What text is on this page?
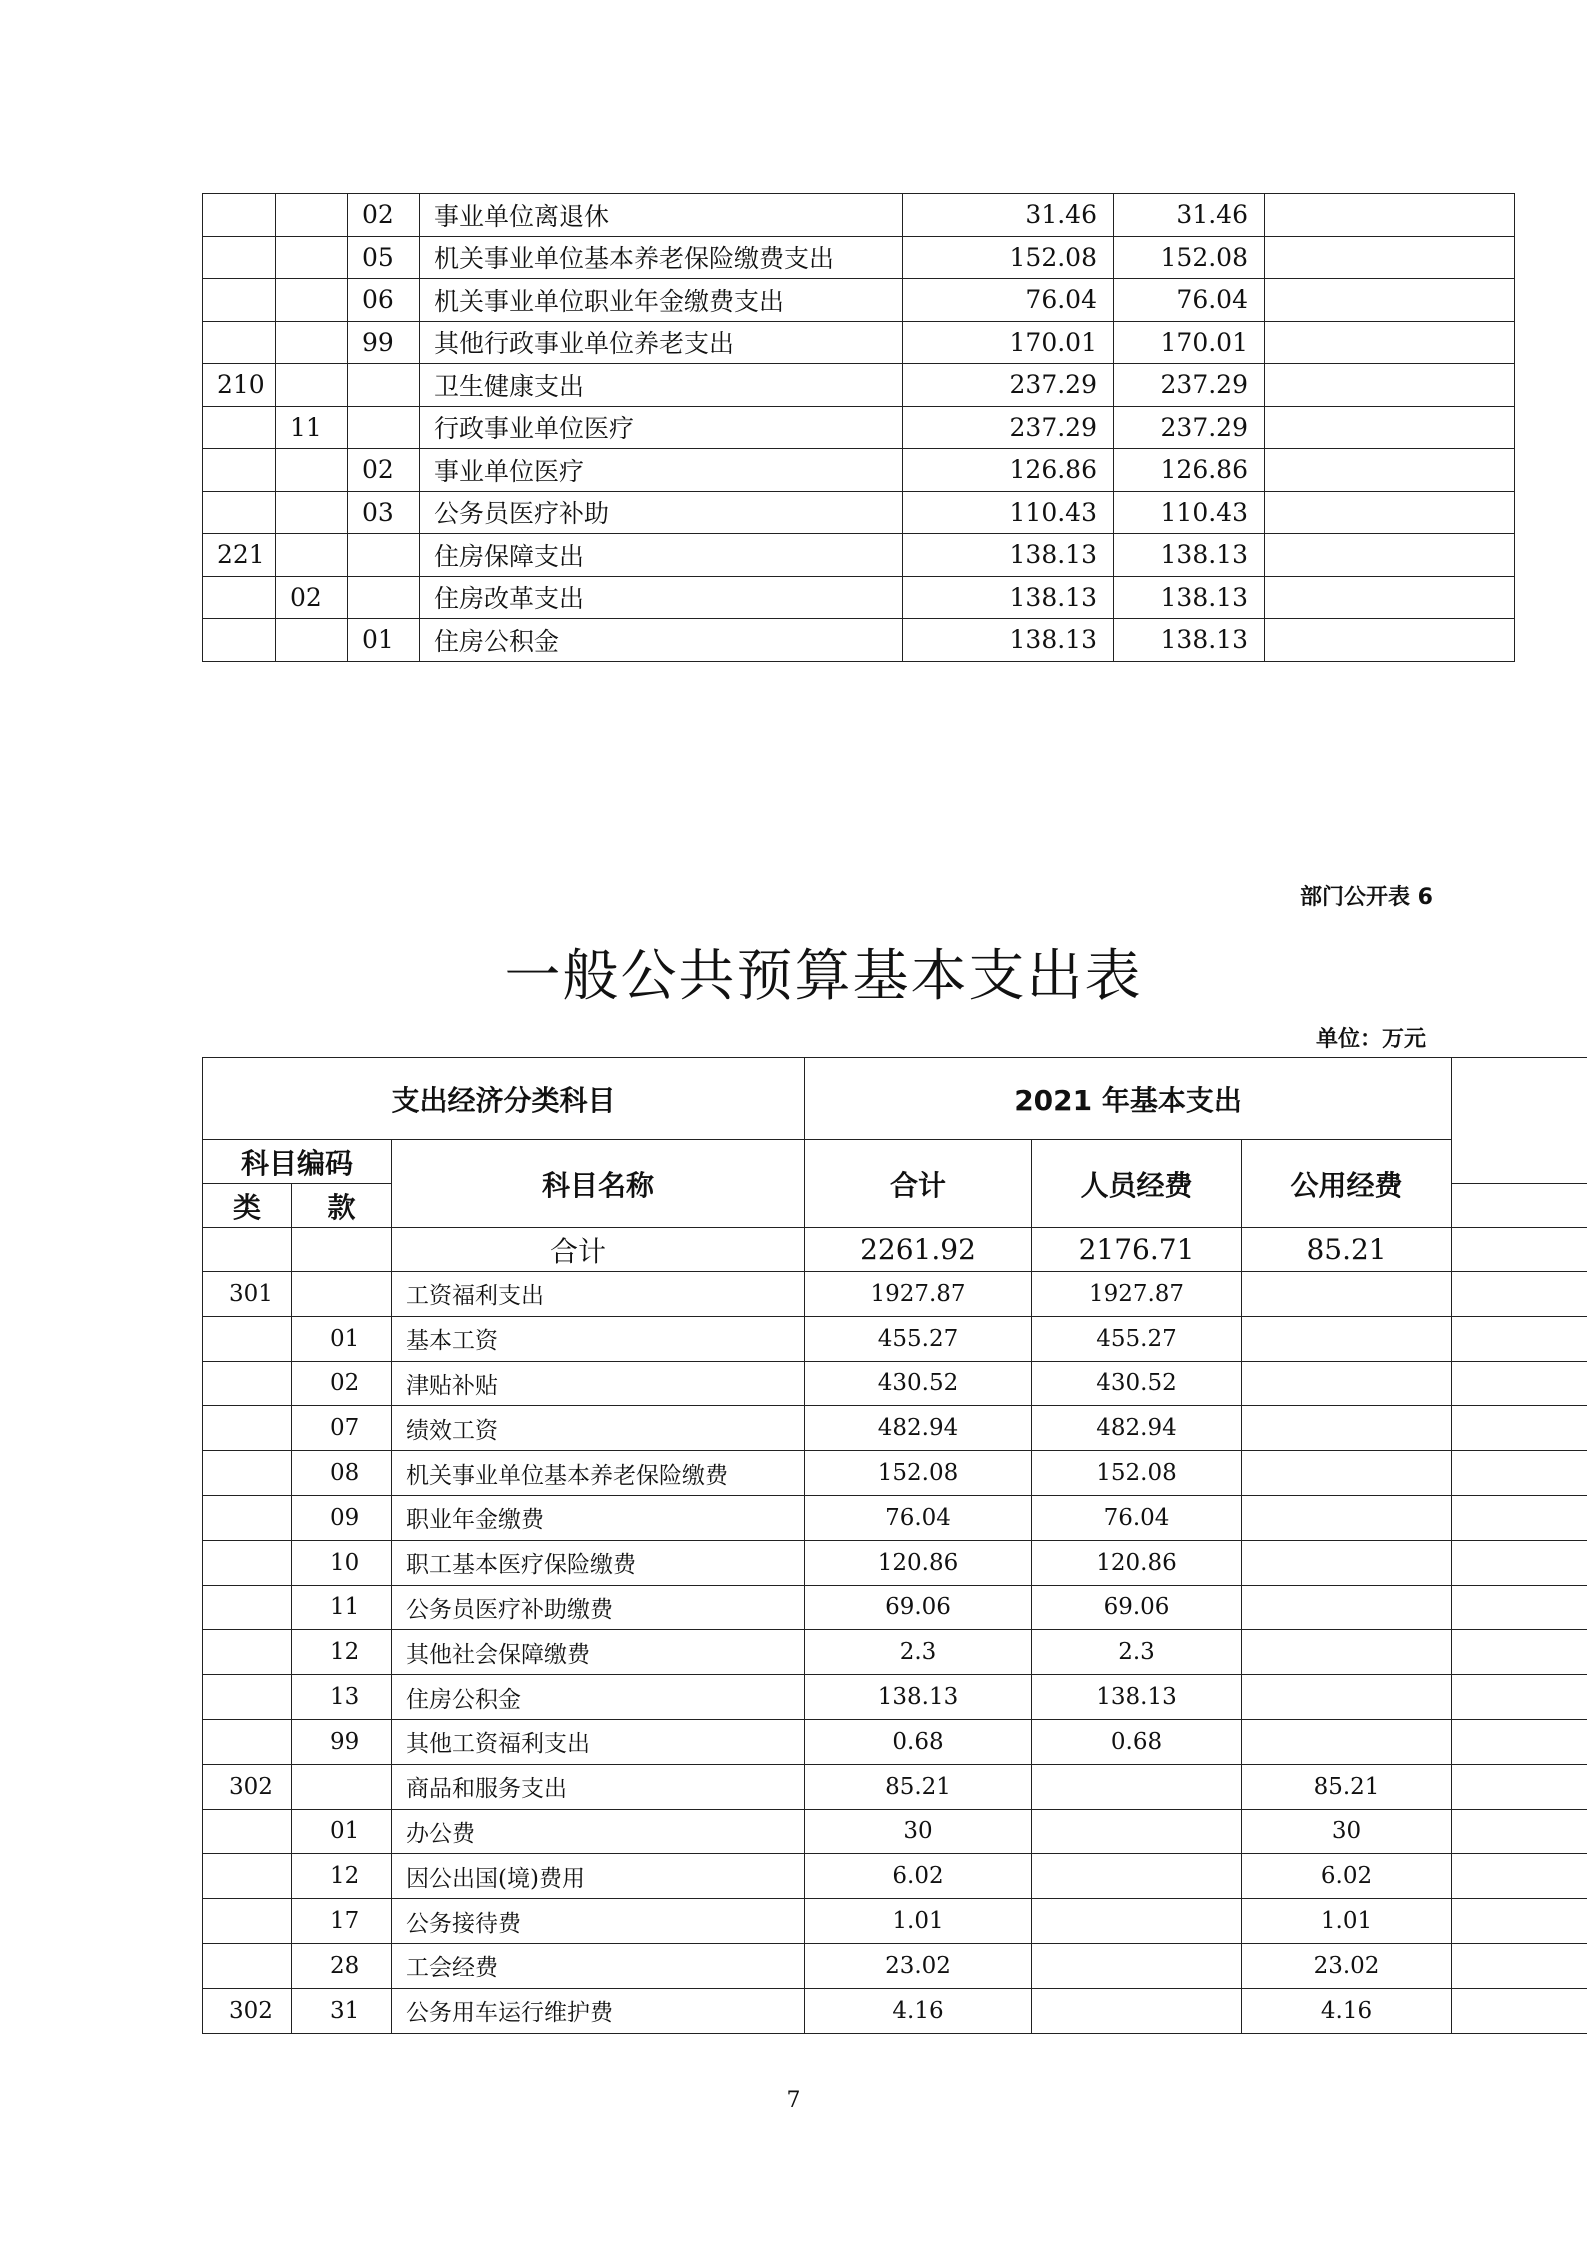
		02	事业单位离退休	31.46	31.46	
		05	机关事业单位基本养老保险缴费支出	152.08	152.08	
		06	机关事业单位职业年金缴费支出	76.04	76.04	
		99	其他行政事业单位养老支出	170.01	170.01	
210			卫生健康支出	237.29	237.29	
	11		行政事业单位医疗	237.29	237.29	
		02	事业单位医疗	126.86	126.86	
		03	公务员医疗补助	110.43	110.43	
221			住房保障支出	138.13	138.13	
	02		住房改革支出	138.13	138.13	
		01	住房公积金	138.13	138.13	
部门公开表 6
一般公共预算基本支出表
单位：万元
支出经济分类科目			2021 年基本支出			
科目编码		科目名称	合计	人员经费	公用经费	
类	款					
		合计	2261.92	2176.71	85.21	
301		工资福利支出	1927.87	1927.87		
	01	基本工资	455.27	455.27		
	02	津贴补贴	430.52	430.52		
	07	绩效工资	482.94	482.94		
	08	机关事业单位基本养老保险缴费	152.08	152.08		
	09	职业年金缴费	76.04	76.04		
	10	职工基本医疗保险缴费	120.86	120.86		
	11	公务员医疗补助缴费	69.06	69.06		
	12	其他社会保障缴费	2.3	2.3		
	13	住房公积金	138.13	138.13		
	99	其他工资福利支出	0.68	0.68		
302		商品和服务支出	85.21		85.21	
	01	办公费	30		30	
	12	因公出国(境)费用	6.02		6.02	
	17	公务接待费	1.01		1.01	
	28	工会经费	23.02		23.02	
302	31	公务用车运行维护费	4.16		4.16	
7
